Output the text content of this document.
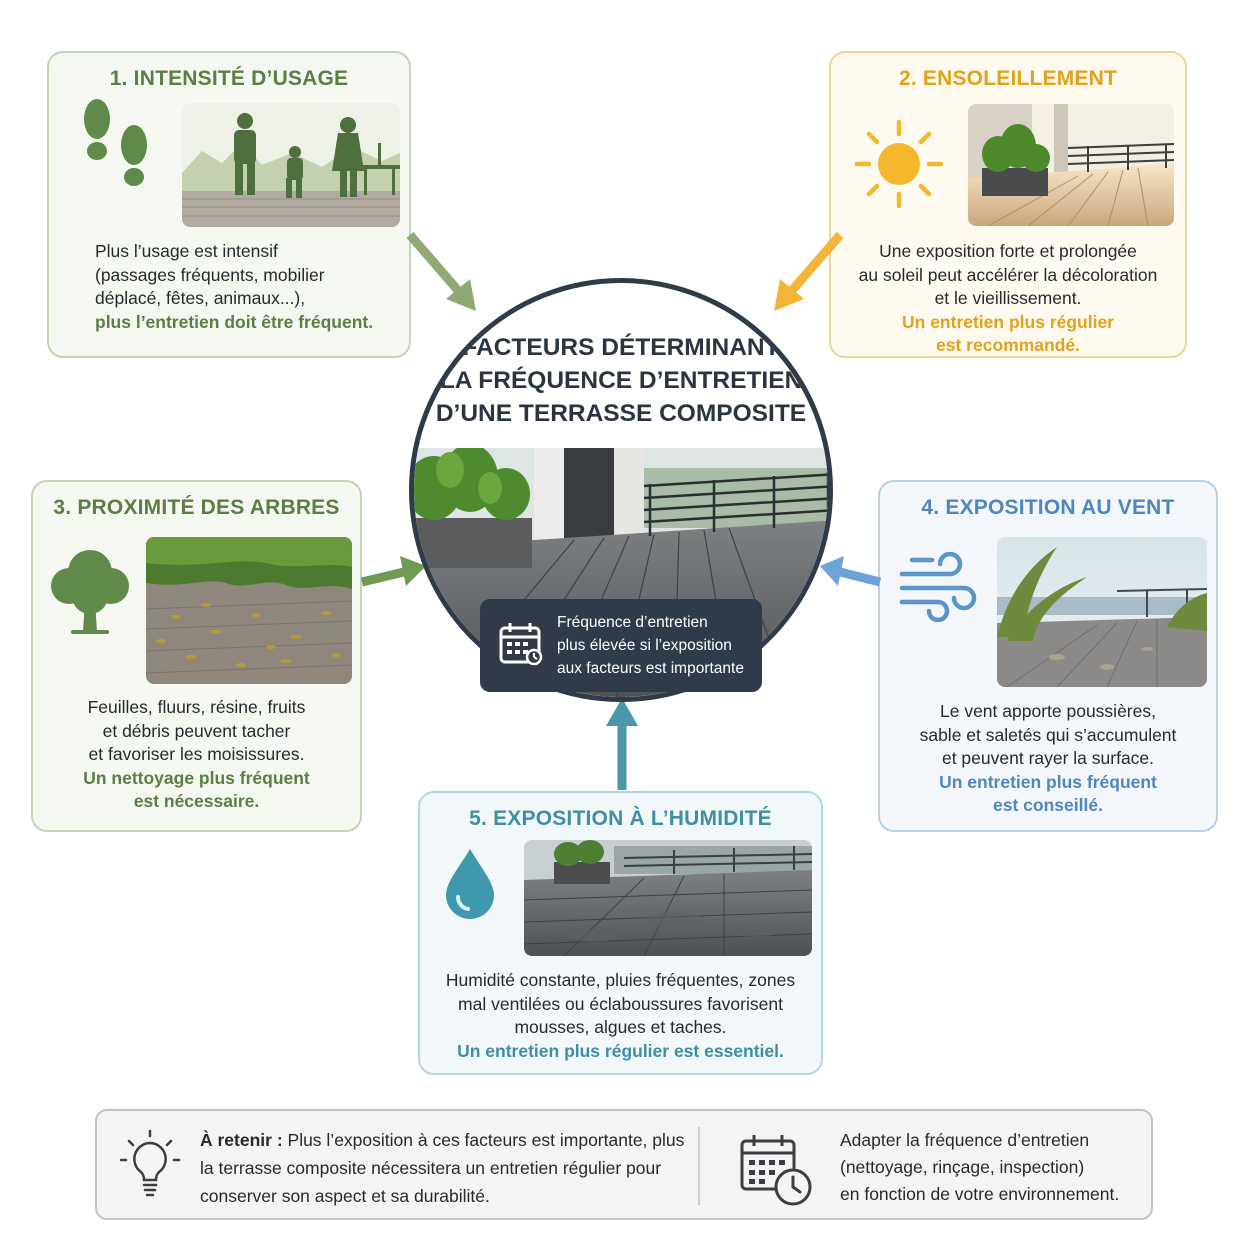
1. INTENSITÉ D’USAGE
Plus l’usage est intensif
(passages fréquents, mobilier
déplacé, fêtes, animaux...),
plus l’entretien doit être fréquent.
2. ENSOLEILLEMENT
Une exposition forte et prolongée
au soleil peut accélérer la décoloration
et le vieillissement.
Un entretien plus régulier
est recommandé.
3. PROXIMITÉ DES ARBRES
Feuilles, fluurs, résine, fruits
et débris peuvent tacher
et favoriser les moisissures.
Un nettoyage plus fréquent
est nécessaire.
4. EXPOSITION AU VENT
Le vent apporte poussières,
sable et saletés qui s’accumulent
et peuvent rayer la surface.
Un entretien plus fréquent
est conseillé.
5. EXPOSITION À L’HUMIDITÉ
Humidité constante, pluies fréquentes, zones
mal ventilées ou éclaboussures favorisent
mousses, algues et taches.
Un entretien plus régulier est essentiel.
FACTEURS DÉTERMINANT
LA FRÉQUENCE D’ENTRETIEN
D’UNE TERRASSE COMPOSITE
Fréquence d’entretien
plus élevée si l’exposition
aux facteurs est importante
À retenir : Plus l’exposition à ces facteurs est importante, plus
la terrasse composite nécessitera un entretien régulier pour
conserver son aspect et sa durabilité.
Adapter la fréquence d’entretien
(nettoyage, rinçage, inspection)
en fonction de votre environnement.
